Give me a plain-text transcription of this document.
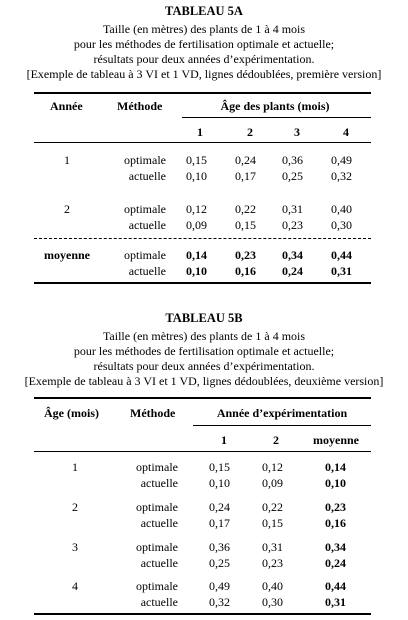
TABLEAU 5A
Taille (en mètres) des plants de 1 à 4 mois
pour les méthodes de fertilisation optimale et actuelle;
résultats pour deux années d’expérimentation.
[Exemple de tableau à 3 VI et 1 VD, lignes dédoublées, première version]
Année	Méthode	Âge des plants (mois)
1	2	3	4
1	optimale 0,15 0,24 0,36 0,49
actuelle 0,10 0,17 0,25 0,32
2	optimale 0,12 0,22 0,31 0,40
actuelle 0,09 0,15 0,23 0,30
moyenne	optimale 0,14 0,23 0,34 0,44
actuelle 0,10 0,16 0,24 0,31
TABLEAU 5B
Taille (en mètres) des plants de 1 à 4 mois
pour les méthodes de fertilisation optimale et actuelle;
résultats pour deux années d’expérimentation.
[Exemple de tableau à 3 VI et 1 VD, lignes dédoublées, deuxième version]
Âge (mois)	Méthode	Année d’expérimentation
1	2	moyenne
1	optimale	0,15	0,12	0,14
actuelle	0,10	0,09	0,10
2	optimale	0,24	0,22	0,23
actuelle	0,17	0,15	0,16
3	optimale	0,36	0,31	0,34
actuelle	0,25	0,23	0,24
4	optimale	0,49	0,40	0,44
actuelle	0,32	0,30	0,31
